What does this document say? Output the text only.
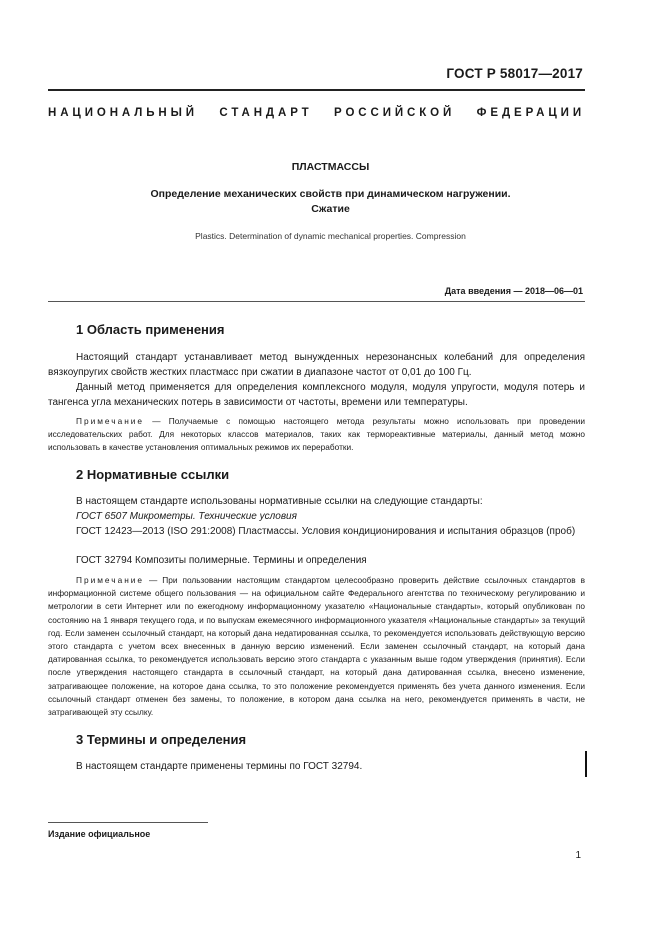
ГОСТ Р 58017—2017
НАЦИОНАЛЬНЫЙ СТАНДАРТ РОССИЙСКОЙ ФЕДЕРАЦИИ
ПЛАСТМАССЫ
Определение механических свойств при динамическом нагружении.
Сжатие
Plastics. Determination of dynamic mechanical properties. Compression
Дата введения — 2018—06—01
1 Область применения
Настоящий стандарт устанавливает метод вынужденных нерезонансных колебаний для определения вязкоупругих свойств жестких пластмасс при сжатии в диапазоне частот от 0,01 до 100 Гц.
Данный метод применяется для определения комплексного модуля, модуля упругости, модуля потерь и тангенса угла механических потерь в зависимости от частоты, времени или температуры.
Примечание — Получаемые с помощью настоящего метода результаты можно использовать при проведении исследовательских работ. Для некоторых классов материалов, таких как термореактивные материалы, данный метод можно использовать в качестве установления оптимальных режимов их переработки.
2 Нормативные ссылки
В настоящем стандарте использованы нормативные ссылки на следующие стандарты:
ГОСТ 6507 Микрометры. Технические условия
ГОСТ 12423—2013 (ISO 291:2008) Пластмассы. Условия кондиционирования и испытания образцов (проб)
ГОСТ 32794 Композиты полимерные. Термины и определения
Примечание — При пользовании настоящим стандартом целесообразно проверить действие ссылочных стандартов в информационной системе общего пользования — на официальном сайте Федерального агентства по техническому регулированию и метрологии в сети Интернет или по ежегодному информационному указателю «Национальные стандарты», который опубликован по состоянию на 1 января текущего года, и по выпускам ежемесячного информационного указателя «Национальные стандарты» за текущий год. Если заменен ссылочный стандарт, на который дана недатированная ссылка, то рекомендуется использовать действующую версию этого стандарта с учетом всех внесенных в данную версию изменений. Если заменен ссылочный стандарт, на который дана датированная ссылка, то рекомендуется использовать версию этого стандарта с указанным выше годом утверждения (принятия). Если после утверждения настоящего стандарта в ссылочный стандарт, на который дана датированная ссылка, внесено изменение, затрагивающее положение, на которое дана ссылка, то это положение рекомендуется применять без учета данного изменения. Если ссылочный стандарт отменен без замены, то положение, в котором дана ссылка на него, рекомендуется применять в части, не затрагивающей эту ссылку.
3 Термины и определения
В настоящем стандарте применены термины по ГОСТ 32794.
Издание официальное
1
